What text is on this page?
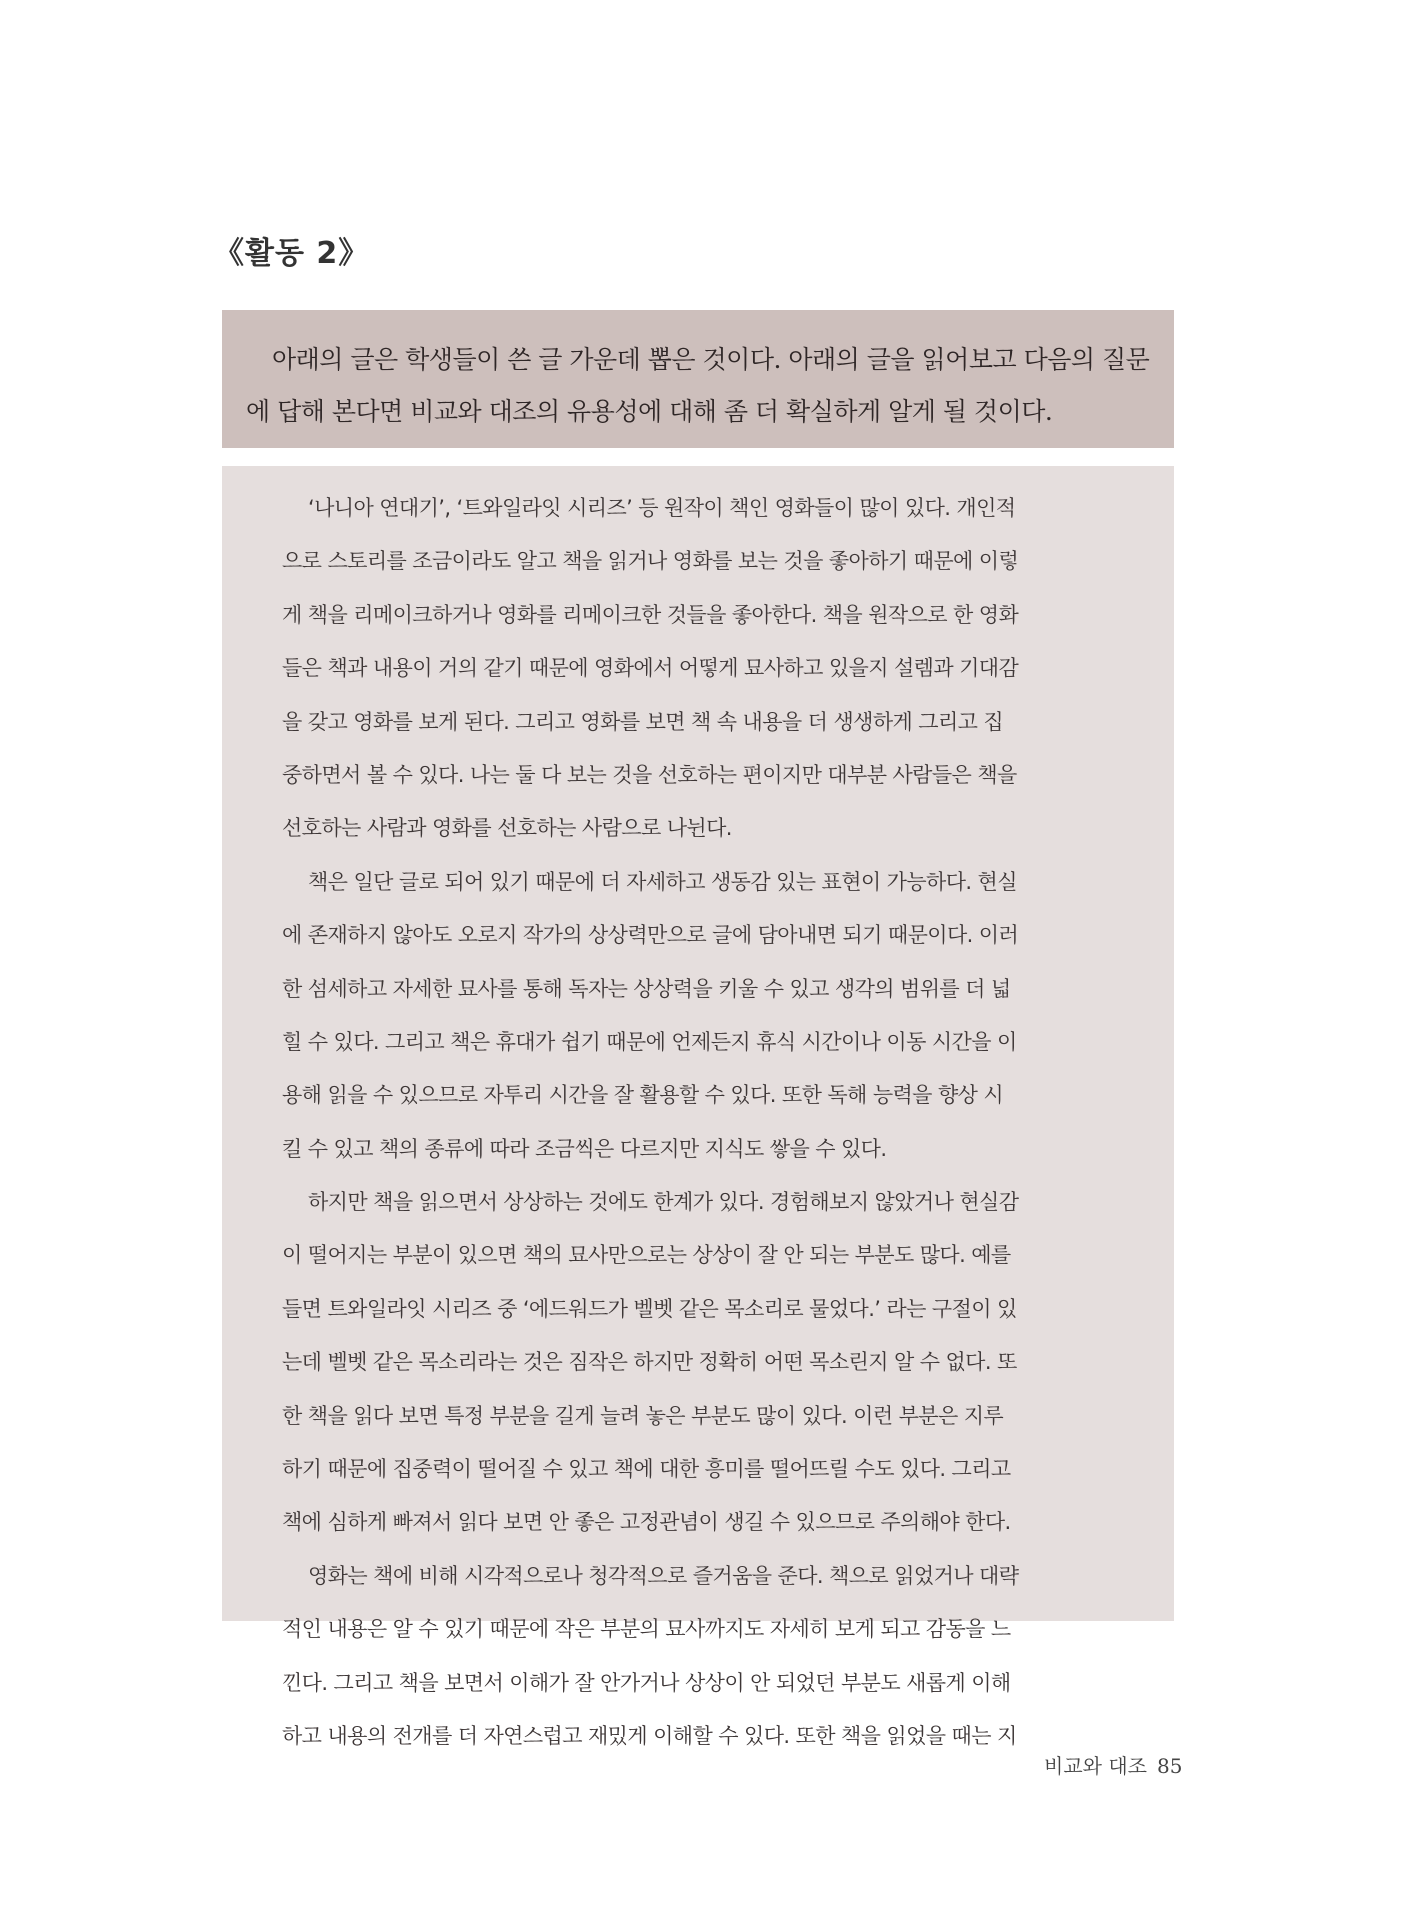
《활동 2》
아래의 글은 학생들이 쓴 글 가운데 뽑은 것이다. 아래의 글을 읽어보고 다음의 질문
에 답해 본다면 비교와 대조의 유용성에 대해 좀 더 확실하게 알게 될 것이다.
‘나니아 연대기’, ‘트와일라잇 시리즈’ 등 원작이 책인 영화들이 많이 있다. 개인적
으로 스토리를 조금이라도 알고 책을 읽거나 영화를 보는 것을 좋아하기 때문에 이렇
게 책을 리메이크하거나 영화를 리메이크한 것들을 좋아한다. 책을 원작으로 한 영화
들은 책과 내용이 거의 같기 때문에 영화에서 어떻게 묘사하고 있을지 설렘과 기대감
을 갖고 영화를 보게 된다. 그리고 영화를 보면 책 속 내용을 더 생생하게 그리고 집
중하면서 볼 수 있다. 나는 둘 다 보는 것을 선호하는 편이지만 대부분 사람들은 책을
선호하는 사람과 영화를 선호하는 사람으로 나뉜다.
책은 일단 글로 되어 있기 때문에 더 자세하고 생동감 있는 표현이 가능하다. 현실
에 존재하지 않아도 오로지 작가의 상상력만으로 글에 담아내면 되기 때문이다. 이러
한 섬세하고 자세한 묘사를 통해 독자는 상상력을 키울 수 있고 생각의 범위를 더 넓
힐 수 있다. 그리고 책은 휴대가 쉽기 때문에 언제든지 휴식 시간이나 이동 시간을 이
용해 읽을 수 있으므로 자투리 시간을 잘 활용할 수 있다. 또한 독해 능력을 향상 시
킬 수 있고 책의 종류에 따라 조금씩은 다르지만 지식도 쌓을 수 있다.
하지만 책을 읽으면서 상상하는 것에도 한계가 있다. 경험해보지 않았거나 현실감
이 떨어지는 부분이 있으면 책의 묘사만으로는 상상이 잘 안 되는 부분도 많다. 예를
들면 트와일라잇 시리즈 중 ‘에드워드가 벨벳 같은 목소리로 물었다.’ 라는 구절이 있
는데 벨벳 같은 목소리라는 것은 짐작은 하지만 정확히 어떤 목소린지 알 수 없다. 또
한 책을 읽다 보면 특정 부분을 길게 늘려 놓은 부분도 많이 있다. 이런 부분은 지루
하기 때문에 집중력이 떨어질 수 있고 책에 대한 흥미를 떨어뜨릴 수도 있다. 그리고
책에 심하게 빠져서 읽다 보면 안 좋은 고정관념이 생길 수 있으므로 주의해야 한다.
영화는 책에 비해 시각적으로나 청각적으로 즐거움을 준다. 책으로 읽었거나 대략
적인 내용은 알 수 있기 때문에 작은 부분의 묘사까지도 자세히 보게 되고 감동을 느
낀다. 그리고 책을 보면서 이해가 잘 안가거나 상상이 안 되었던 부분도 새롭게 이해
하고 내용의 전개를 더 자연스럽고 재밌게 이해할 수 있다. 또한 책을 읽었을 때는 지
비교와 대조 85
